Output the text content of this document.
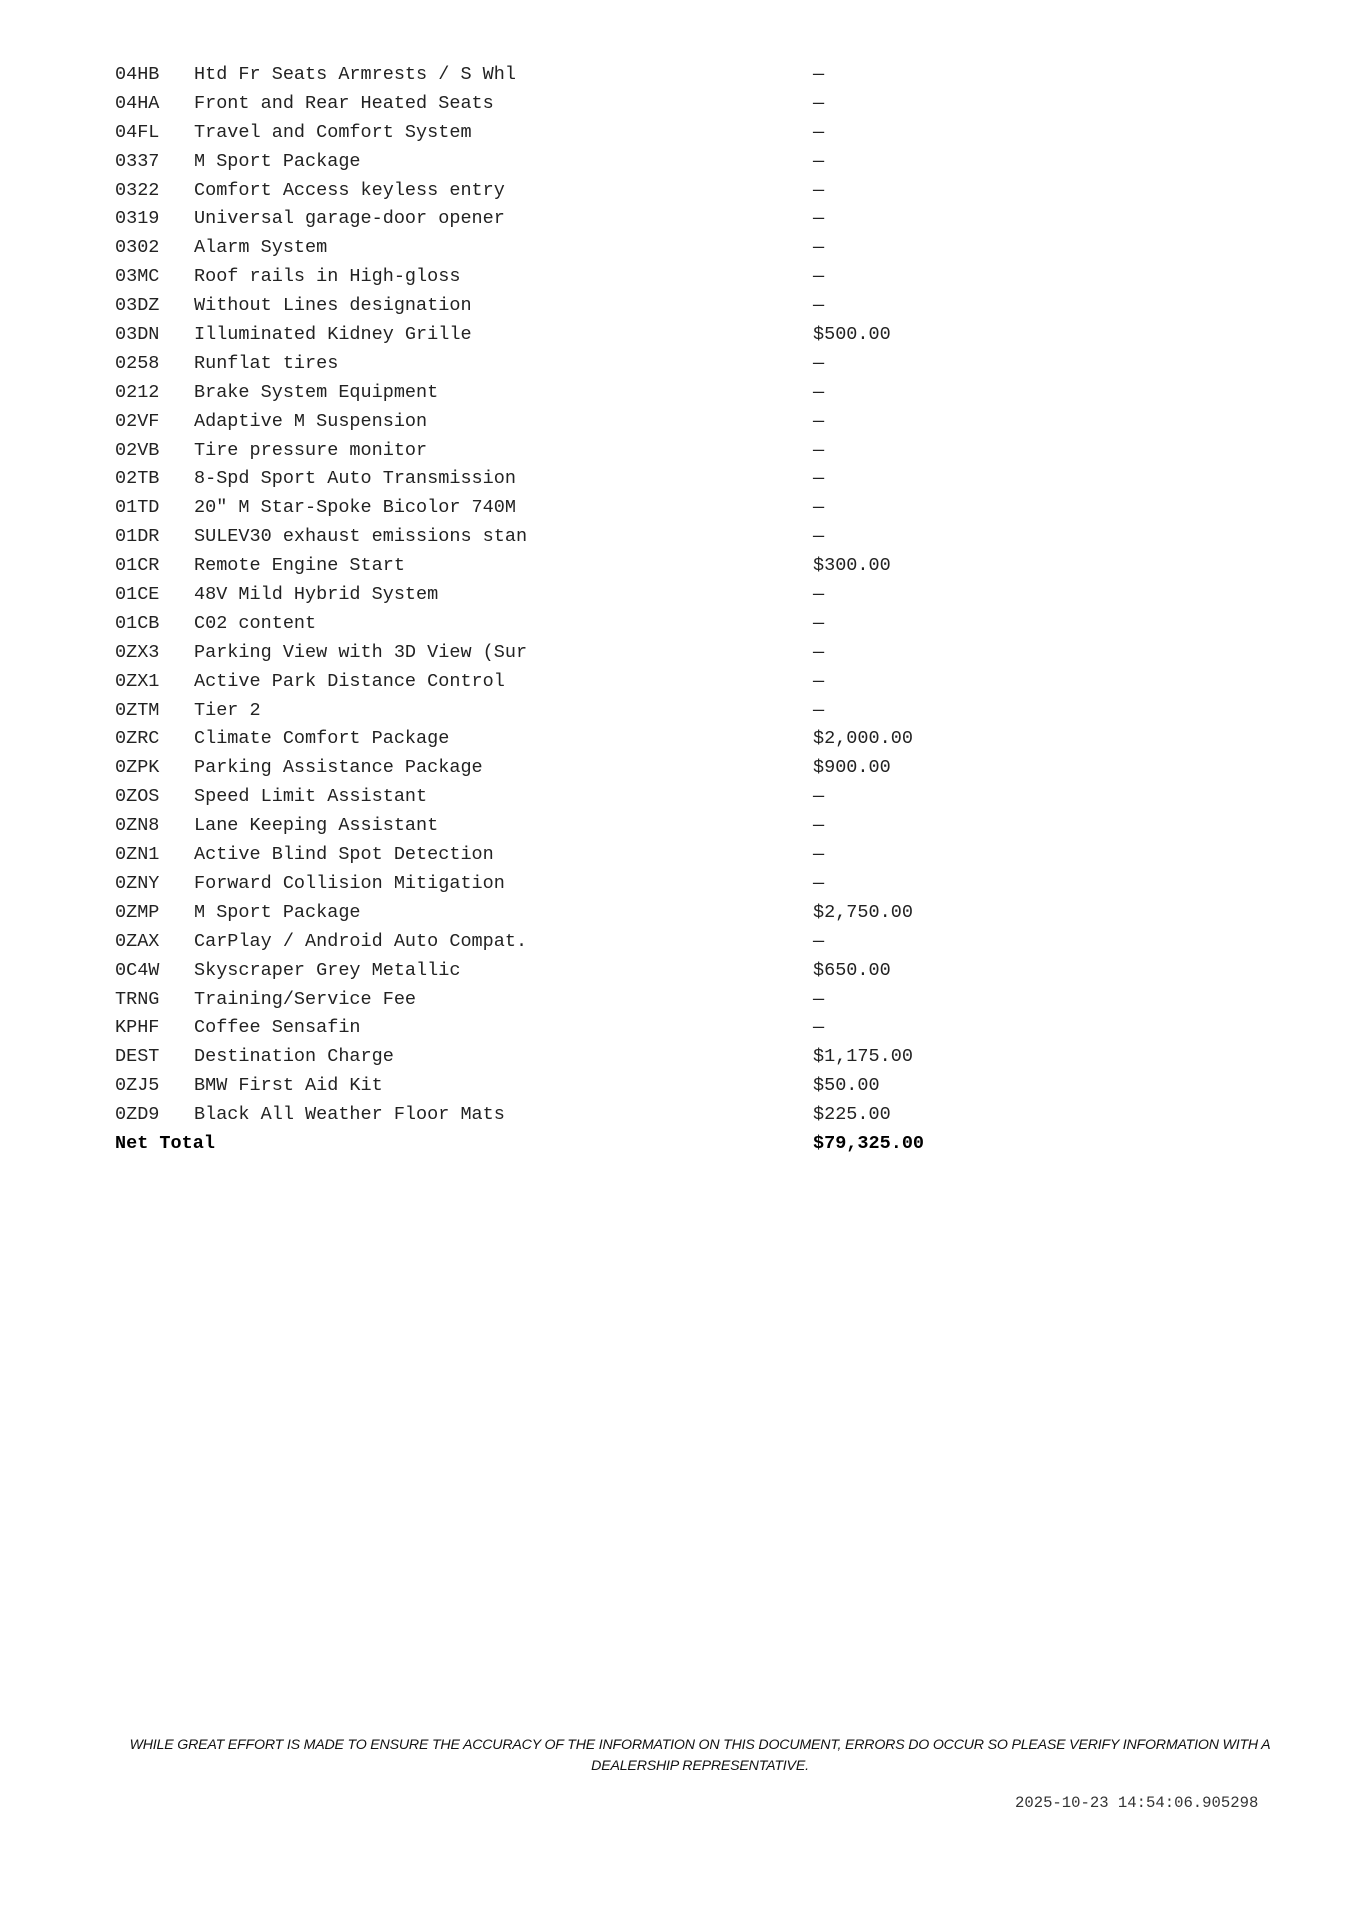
04HB Htd Fr Seats Armrests / S Whl	—
04HA Front and Rear Heated Seats	—
04FL Travel and Comfort System	—
0337 M Sport Package	—
0322 Comfort Access keyless entry	—
0319 Universal garage-door opener	—
0302 Alarm System	—
03MC Roof rails in High-gloss	—
03DZ Without Lines designation	—
03DN Illuminated Kidney Grille	$500.00
0258 Runflat tires	—
0212 Brake System Equipment	—
02VF Adaptive M Suspension	—
02VB Tire pressure monitor	—
02TB 8-Spd Sport Auto Transmission	—
01TD 20" M Star-Spoke Bicolor 740M	—
01DR SULEV30 exhaust emissions stan	—
01CR Remote Engine Start	$300.00
01CE 48V Mild Hybrid System	—
01CB C02 content	—
0ZX3 Parking View with 3D View (Sur	—
0ZX1 Active Park Distance Control	—
0ZTM Tier 2	—
0ZRC Climate Comfort Package	$2,000.00
0ZPK Parking Assistance Package	$900.00
0ZOS Speed Limit Assistant	—
0ZN8 Lane Keeping Assistant	—
0ZN1 Active Blind Spot Detection	—
0ZNY Forward Collision Mitigation	—
0ZMP M Sport Package	$2,750.00
0ZAX CarPlay / Android Auto Compat.	—
0C4W Skyscraper Grey Metallic	$650.00
TRNG Training/Service Fee	—
KPHF Coffee Sensafin	—
DEST Destination Charge	$1,175.00
0ZJ5 BMW First Aid Kit	$50.00
0ZD9 Black All Weather Floor Mats	$225.00
Net Total	$79,325.00
WHILE GREAT EFFORT IS MADE TO ENSURE THE ACCURACY OF THE INFORMATION ON THIS DOCUMENT, ERRORS DO OCCUR SO PLEASE VERIFY INFORMATION WITH A DEALERSHIP REPRESENTATIVE.
2025-10-23 14:54:06.905298
